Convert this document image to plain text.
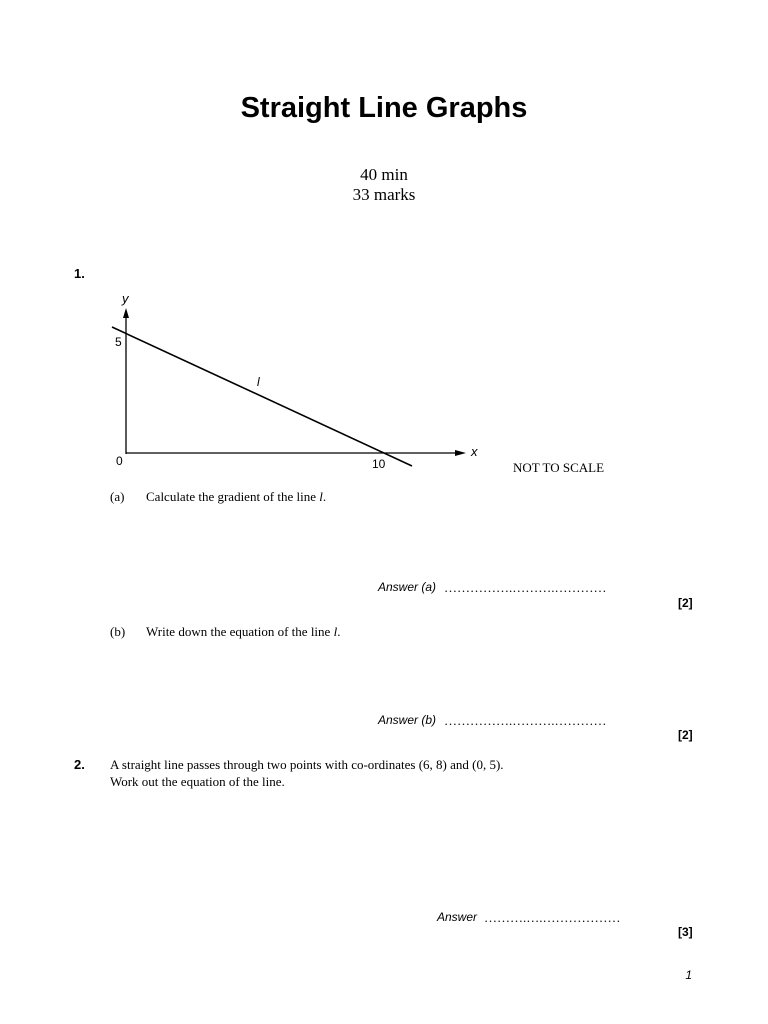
Straight Line Graphs
40 min
33 marks
1.
y
x
5
0	10
l
NOT TO SCALE
(a) Calculate the gradient of the line l.
Answer (a) …………….……….…………
[2]
(b) Write down the equation of the line l.
Answer (b) …………….……….…………
[2]
2. A straight line passes through two points with co-ordinates (6, 8) and (0, 5).
Work out the equation of the line.
Answer ……….….………………
[3]
1
